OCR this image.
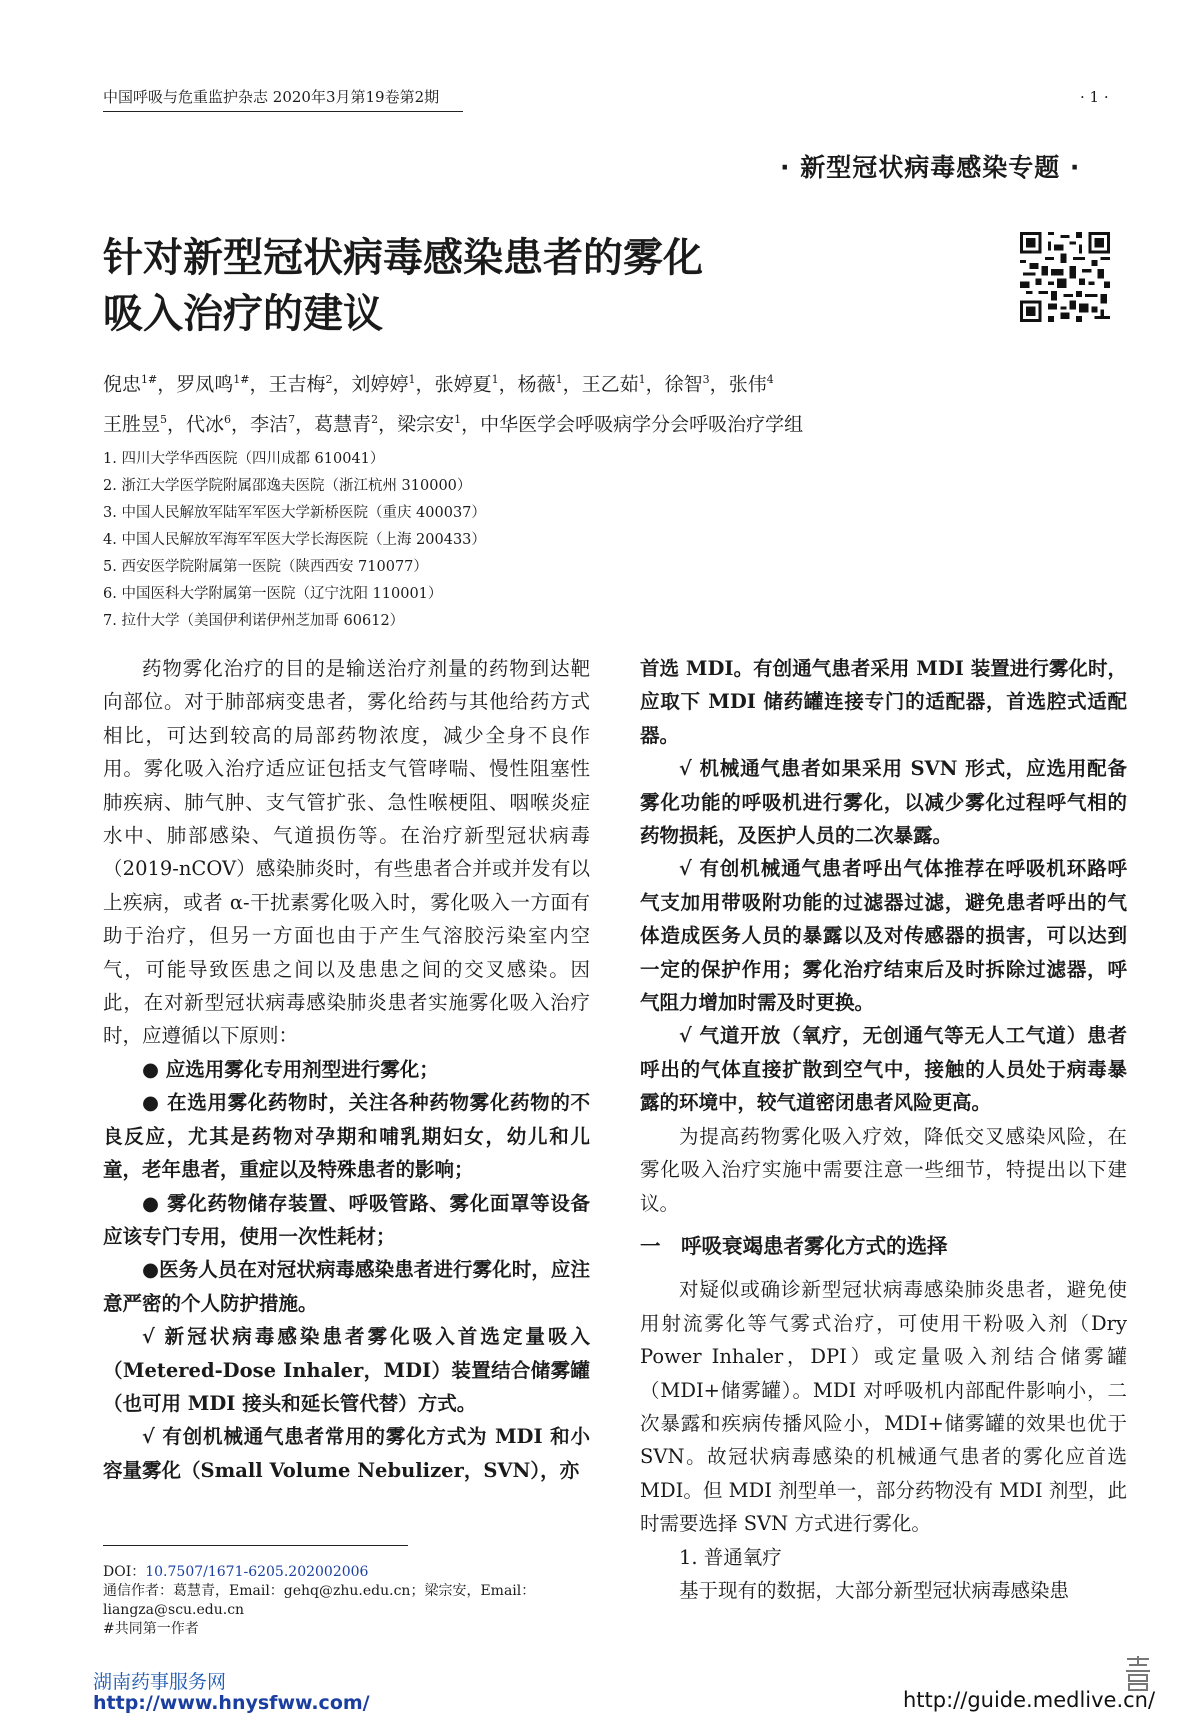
中国呼吸与危重监护杂志 2020年3月第19卷第2期	· 1 ·
· 新型冠状病毒感染专题 ·
针对新型冠状病毒感染患者的雾化
吸入治疗的建议
倪忠$^{1\#}$，罗凤鸣$^{1\#}$，王吉梅$^2$，刘婷婷$^1$，张婷夏$^1$，杨薇$^1$，王乙茹$^1$，徐智$^3$，张伟$^4$
王胜昱$^5$，代冰$^6$，李洁$^7$，葛慧青$^2$，梁宗安$^1$，中华医学会呼吸病学分会呼吸治疗学组
1. 四川大学华西医院（四川成都 610041）
2. 浙江大学医学院附属邵逸夫医院（浙江杭州 310000）
3. 中国人民解放军陆军军医大学新桥医院（重庆 400037）
4. 中国人民解放军海军军医大学长海医院（上海 200433）
5. 西安医学院附属第一医院（陕西西安 710077）
6. 中国医科大学附属第一医院（辽宁沈阳 110001）
7. 拉什大学（美国伊利诺伊州芝加哥 60612）

药物雾化治疗的目的是输送治疗剂量的药物到达靶向部位。对于肺部病变患者，雾化给药与其他给药方式相比，可达到较高的局部药物浓度，减少全身不良作用。雾化吸入治疗适应证包括支气管哮喘、慢性阻塞性肺疾病、肺气肿、支气管扩张、急性喉梗阻、咽喉炎症水中、肺部感染、气道损伤等。在治疗新型冠状病毒（2019-nCOV）感染肺炎时，有些患者合并或并发有以上疾病，或者 α-干扰素雾化吸入时，雾化吸入一方面有助于治疗，但另一方面也由于产生气溶胶污染室内空气，可能导致医患之间以及患患之间的交叉感染。因此，在对新型冠状病毒感染肺炎患者实施雾化吸入治疗时，应遵循以下原则：

● 应选用雾化专用剂型进行雾化；

● 在选用雾化药物时，关注各种药物雾化药物的不良反应，尤其是药物对孕期和哺乳期妇女，幼儿和儿童，老年患者，重症以及特殊患者的影响；

● 雾化药物储存装置、呼吸管路、雾化面罩等设备应该专门专用，使用一次性耗材；

●医务人员在对冠状病毒感染患者进行雾化时，应注意严密的个人防护措施。

√ 新冠状病毒感染患者雾化吸入首选定量吸入（Metered-Dose Inhaler，MDI）装置结合储雾罐（也可用 MDI 接头和延长管代替）方式。

√ 有创机械通气患者常用的雾化方式为 MDI 和小容量雾化（Small Volume Nebulizer，SVN），亦

首选 MDI。有创通气患者采用 MDI 装置进行雾化时，应取下 MDI 储药罐连接专门的适配器，首选腔式适配器。

√ 机械通气患者如果采用 SVN 形式，应选用配备雾化功能的呼吸机进行雾化，以减少雾化过程呼气相的药物损耗，及医护人员的二次暴露。

√ 有创机械通气患者呼出气体推荐在呼吸机环路呼气支加用带吸附功能的过滤器过滤，避免患者呼出的气体造成医务人员的暴露以及对传感器的损害，可以达到一定的保护作用；雾化治疗结束后及时拆除过滤器，呼气阻力增加时需及时更换。

√ 气道开放（氧疗，无创通气等无人工气道）患者呼出的气体直接扩散到空气中，接触的人员处于病毒暴露的环境中，较气道密闭患者风险更高。

为提高药物雾化吸入疗效，降低交叉感染风险，在雾化吸入治疗实施中需要注意一些细节，特提出以下建议。

一　呼吸衰竭患者雾化方式的选择

对疑似或确诊新型冠状病毒感染肺炎患者，避免使用射流雾化等气雾式治疗，可使用干粉吸入剂（Dry Power Inhaler，DPI）或定量吸入剂结合储雾罐（MDI+储雾罐）。MDI 对呼吸机内部配件影响小，二次暴露和疾病传播风险小，MDI+储雾罐的效果也优于 SVN。故冠状病毒感染的机械通气患者的雾化应首选 MDI。但 MDI 剂型单一，部分药物没有 MDI 剂型，此时需要选择 SVN 方式进行雾化。

1. 普通氧疗

基于现有的数据，大部分新型冠状病毒感染患

DOI：10.7507/1671-6205.202002006
通信作者：葛慧青，Email：gehq@zhu.edu.cn；梁宗安，Email：liangza@scu.edu.cn
#共同第一作者
湖南药事服务网
http://www.hnysfww.com/	http://guide.medlive.cn/
